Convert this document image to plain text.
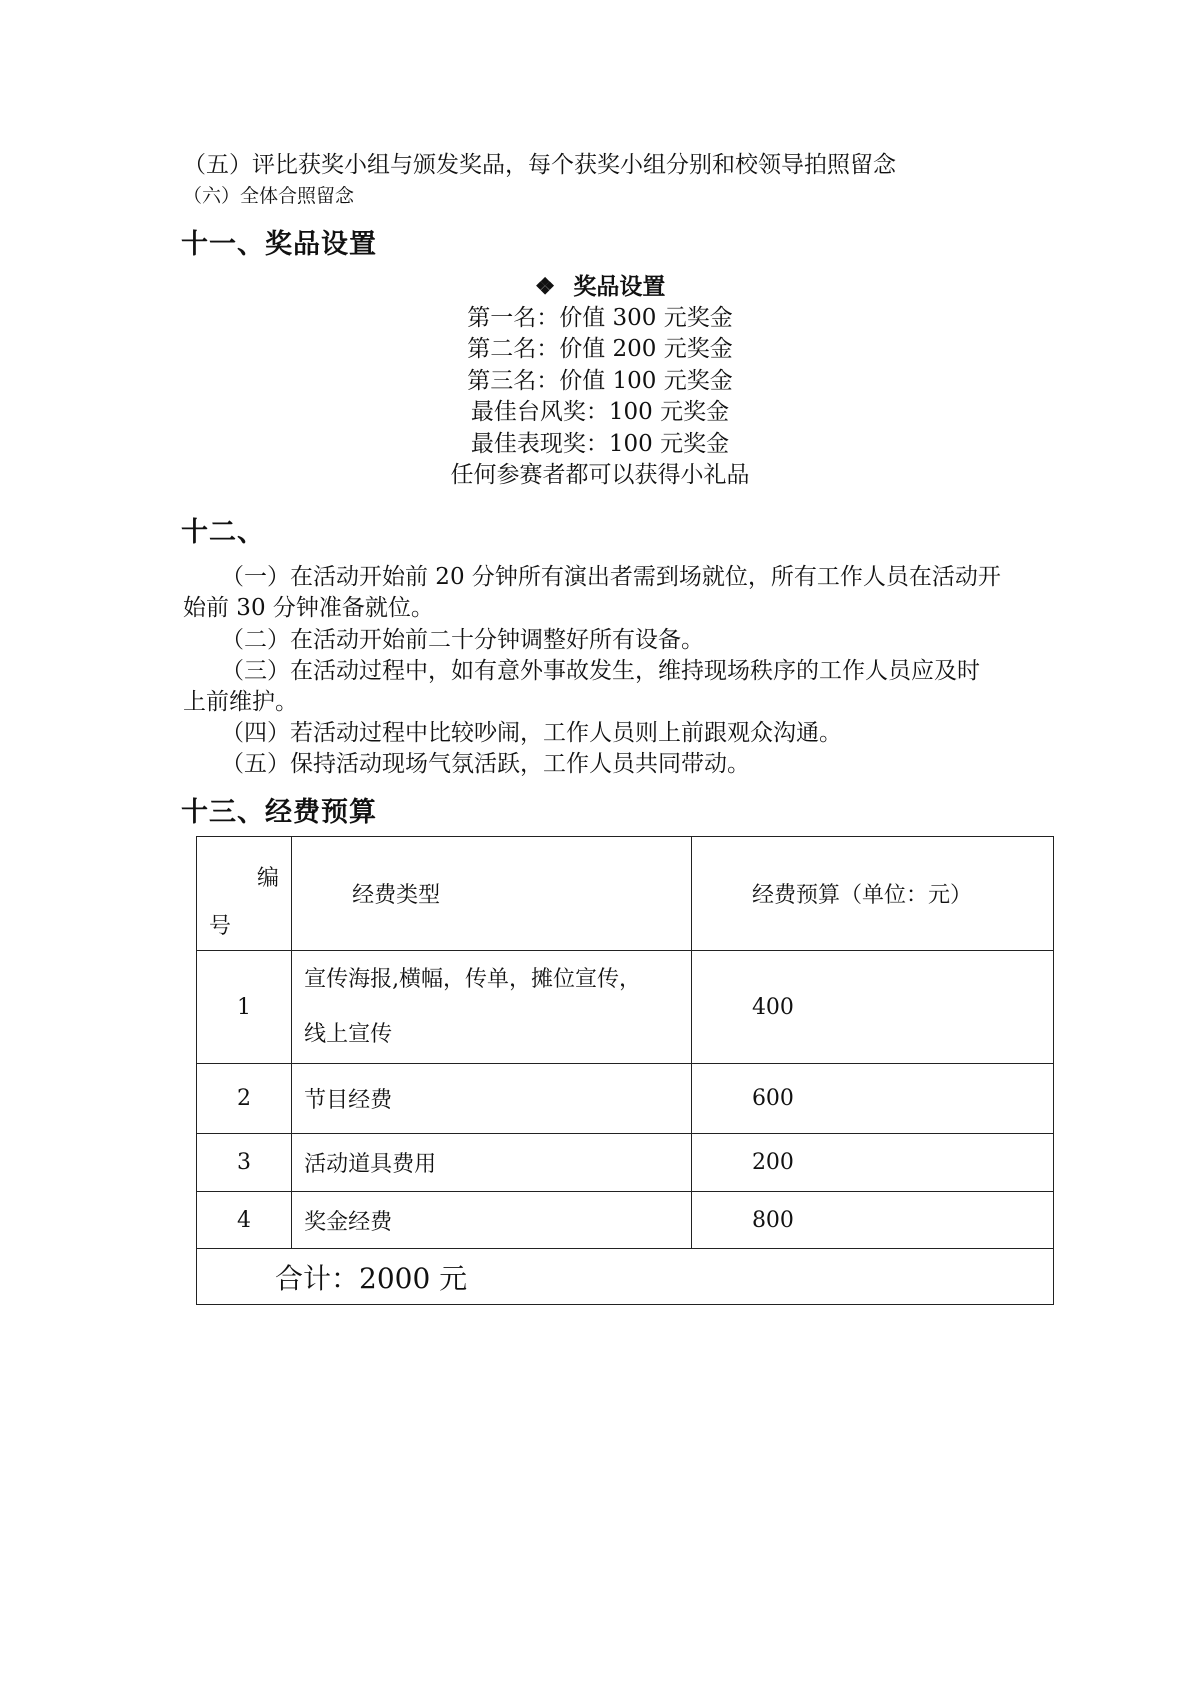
（五）评比获奖小组与颁发奖品，每个获奖小组分别和校领导拍照留念
（六）全体合照留念
十一、奖品设置
❖ 奖品设置
第一名：价值 300 元奖金
第二名：价值 200 元奖金
第三名：价值 100 元奖金
最佳台风奖：100 元奖金
最佳表现奖：100 元奖金
任何参赛者都可以获得小礼品
十二、
（一）在活动开始前 20 分钟所有演出者需到场就位，所有工作人员在活动开
始前 30 分钟准备就位。
（二）在活动开始前二十分钟调整好所有设备。
（三）在活动过程中，如有意外事故发生，维持现场秩序的工作人员应及时
上前维护。
（四）若活动过程中比较吵闹，工作人员则上前跟观众沟通。
（五）保持活动现场气氛活跃，工作人员共同带动。
十三、经费预算
编
号	经费类型	经费预算（单位：元）
1	宣传海报,横幅，传单，摊位宣传，
线上宣传	400
2	节目经费	600
3	活动道具费用	200
4	奖金经费	800
合计：2000 元		
